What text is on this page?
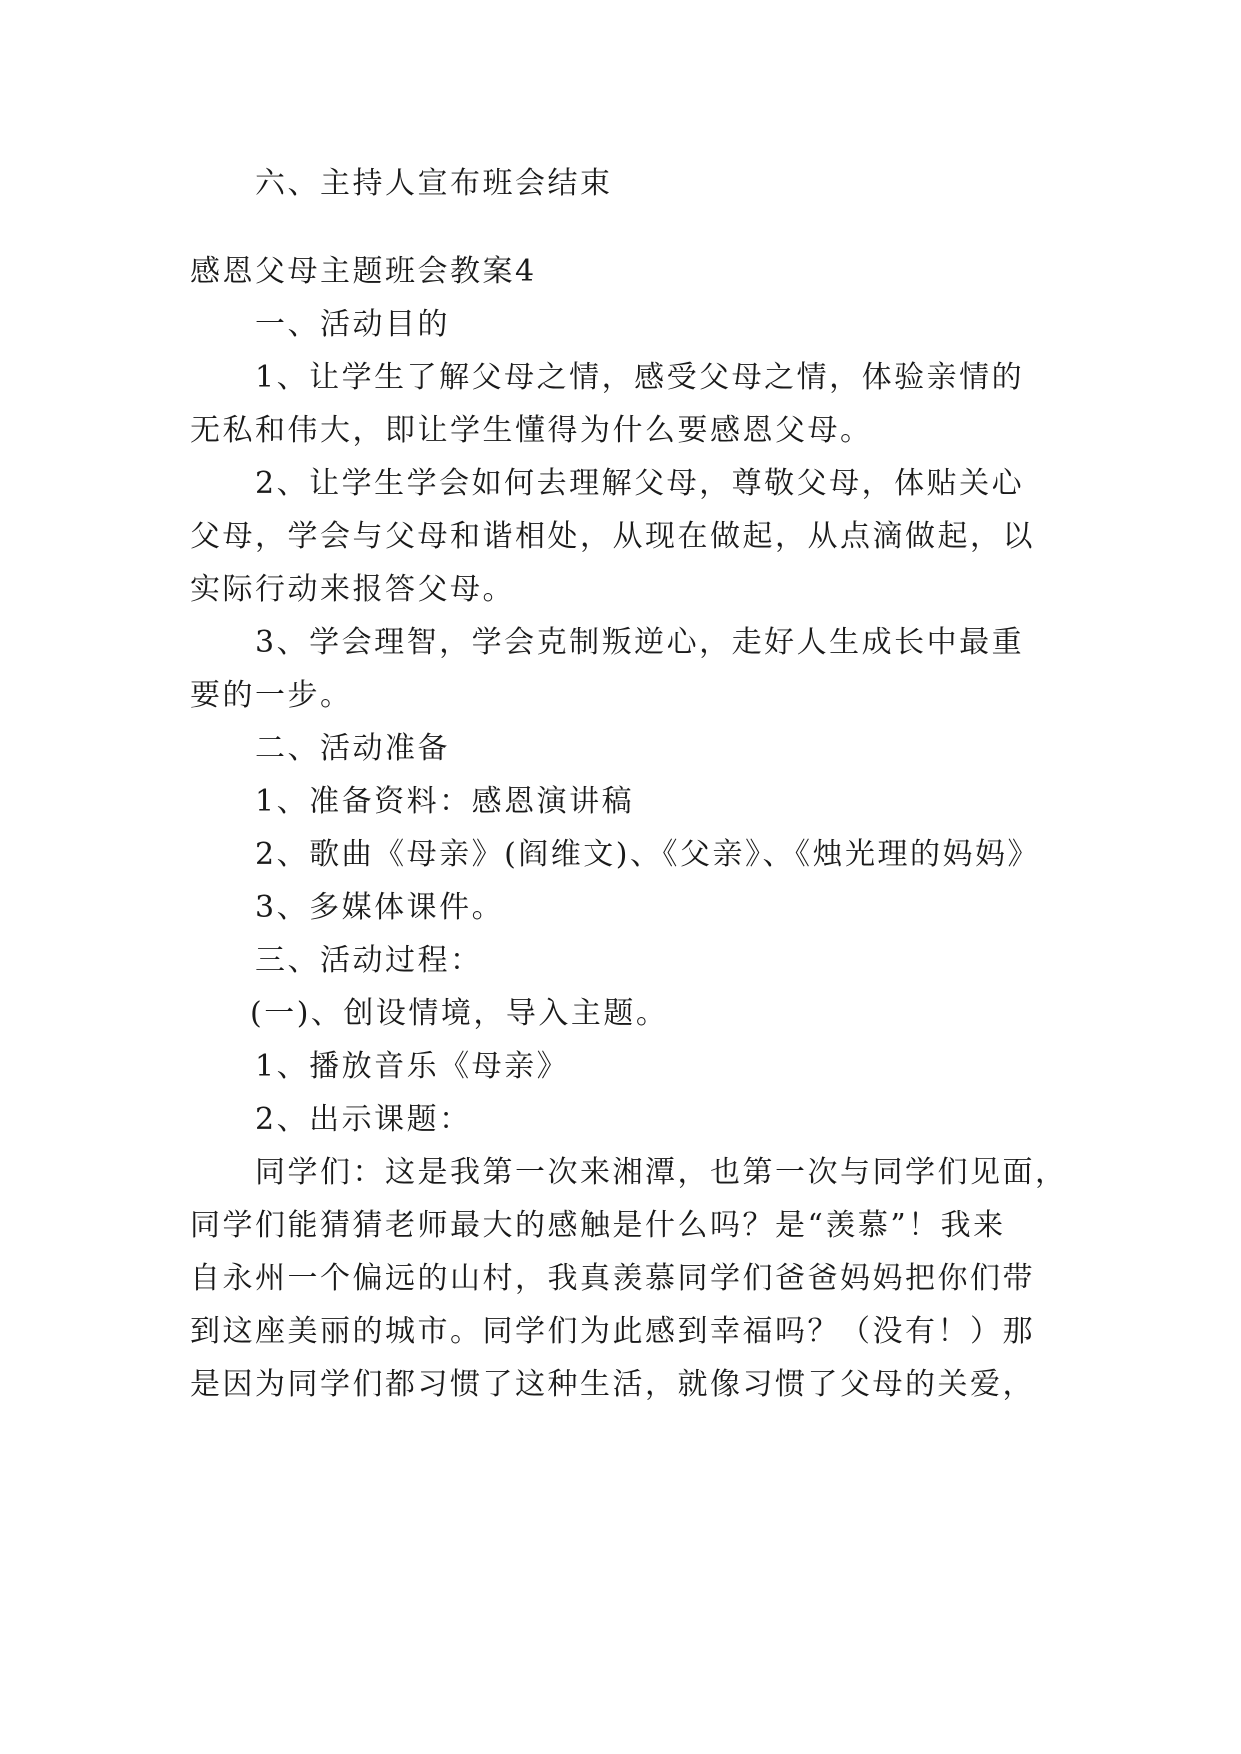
六、主持人宣布班会结束
感恩父母主题班会教案4
一、活动目的
1、让学生了解父母之情，感受父母之情，体验亲情的
无私和伟大，即让学生懂得为什么要感恩父母。
2、让学生学会如何去理解父母，尊敬父母，体贴关心
父母，学会与父母和谐相处，从现在做起，从点滴做起，以
实际行动来报答父母。
3、学会理智，学会克制叛逆心，走好人生成长中最重
要的一步。
二、活动准备
1、准备资料：感恩演讲稿
2、歌曲《母亲》(阎维文)、《父亲》、《烛光理的妈妈》
3、多媒体课件。
三、活动过程：
(一)、创设情境，导入主题。
1、播放音乐《母亲》
2、出示课题：
同学们：这是我第一次来湘潭，也第一次与同学们见面，
同学们能猜猜老师最大的感触是什么吗？是“羡慕”！我来
自永州一个偏远的山村，我真羡慕同学们爸爸妈妈把你们带
到这座美丽的城市。同学们为此感到幸福吗？（没有！）那
是因为同学们都习惯了这种生活，就像习惯了父母的关爱，
